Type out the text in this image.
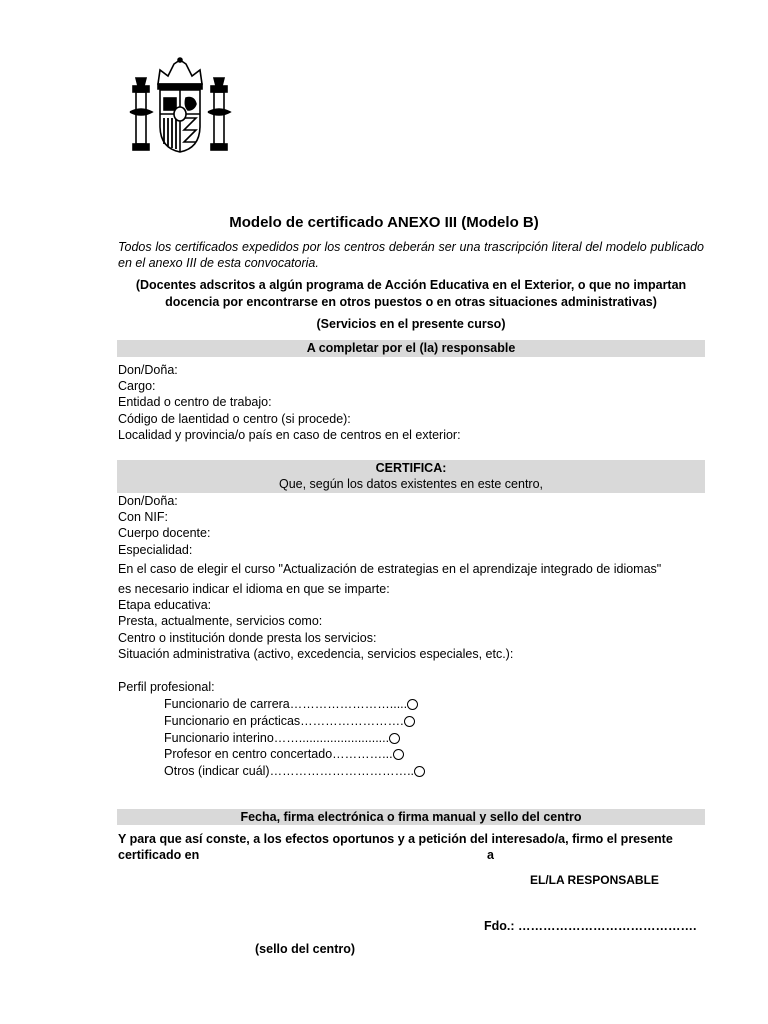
Modelo de certificado ANEXO III (Modelo B)
Todos los certificados expedidos por los centros deberán ser una trascripción literal del modelo publicado en el anexo III de esta convocatoria.
(Docentes adscritos a algún programa de Acción Educativa en el Exterior, o que no impartan
docencia por encontrarse en otros puestos o en otras situaciones administrativas)
(Servicios en el presente curso)
A completar por el (la) responsable
Don/Doña:
Cargo:
Entidad o centro de trabajo:
Código de laentidad o centro (si procede):
Localidad y provincia/o país en caso de centros en el exterior:
CERTIFICA:
Que, según los datos existentes en este centro,
Don/Doña:
Con NIF:
Cuerpo docente:
Especialidad:
En el caso de elegir el curso "Actualización de estrategias en el aprendizaje integrado de idiomas"
es necesario indicar el idioma en que se imparte:
Etapa educativa:
Presta, actualmente, servicios como:
Centro o institución donde presta los servicios:
Situación administrativa (activo, excedencia, servicios especiales, etc.):
Perfil profesional:
Funcionario de carrera…………………….....
Funcionario en prácticas…………………….
Funcionario interino……..........................
Profesor en centro concertado…………...
Otros (indicar cuál)……………………………..
Fecha, firma electrónica o firma manual y sello del centro
Y para que así conste, a los efectos oportunos y a petición del interesado/a, firmo el presente
certificado en	a
EL/LA RESPONSABLE
Fdo.: …………………………………….
(sello del centro)
